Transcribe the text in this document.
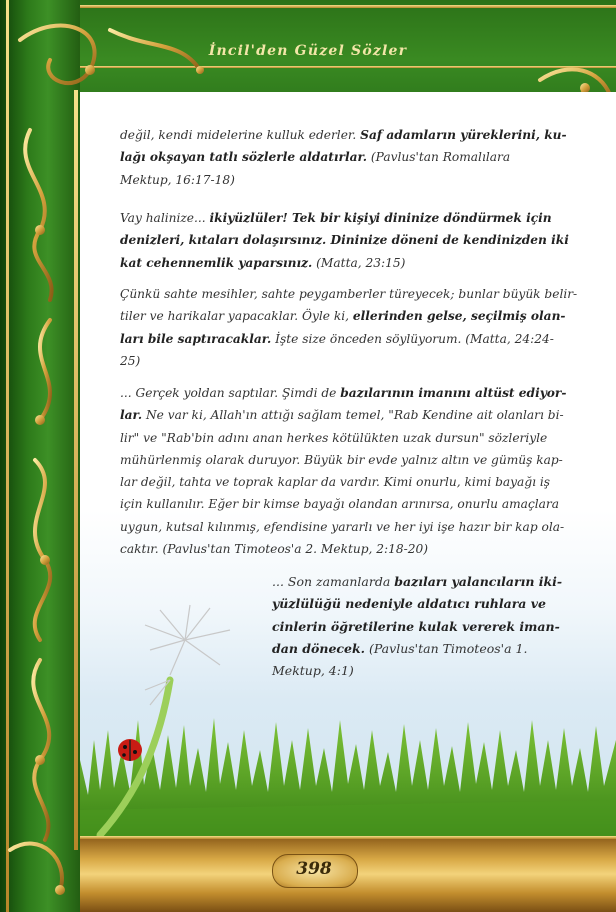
İncil'den Güzel Sözler
398
değil, kendi midelerine kulluk ederler. Saf adamların yüreklerini, ku-
lağı okşayan tatlı sözlerle aldatırlar. (Pavlus'tan Romalılara
Mektup, 16:17-18)
Vay halinize... ikiyüzlüler! Tek bir kişiyi dininize döndürmek için
denizleri, kıtaları dolaşırsınız. Dininize döneni de kendinizden iki
kat cehennemlik yaparsınız. (Matta, 23:15)
Çünkü sahte mesihler, sahte peygamberler türeyecek; bunlar büyük belir-
tiler ve harikalar yapacaklar. Öyle ki, ellerinden gelse, seçilmiş olan-
ları bile saptıracaklar. İşte size önceden söylüyorum. (Matta, 24:24-
25)
... Gerçek yoldan saptılar. Şimdi de bazılarının imanını altüst ediyor-
lar. Ne var ki, Allah'ın attığı sağlam temel, "Rab Kendine ait olanları bi-
lir" ve "Rab'bin adını anan herkes kötülükten uzak dursun" sözleriyle
mühürlenmiş olarak duruyor. Büyük bir evde yalnız altın ve gümüş kap-
lar değil, tahta ve toprak kaplar da vardır. Kimi onurlu, kimi bayağı iş
için kullanılır. Eğer bir kimse bayağı olandan arınırsa, onurlu amaçlara
uygun, kutsal kılınmış, efendisine yararlı ve her iyi işe hazır bir kap ola-
caktır. (Pavlus'tan Timoteos'a 2. Mektup, 2:18-20)
... Son zamanlarda bazıları yalancıların iki-
yüzlülüğü nedeniyle aldatıcı ruhlara ve
cinlerin öğretilerine kulak vererek iman-
dan dönecek. (Pavlus'tan Timoteos'a 1.
Mektup, 4:1)
